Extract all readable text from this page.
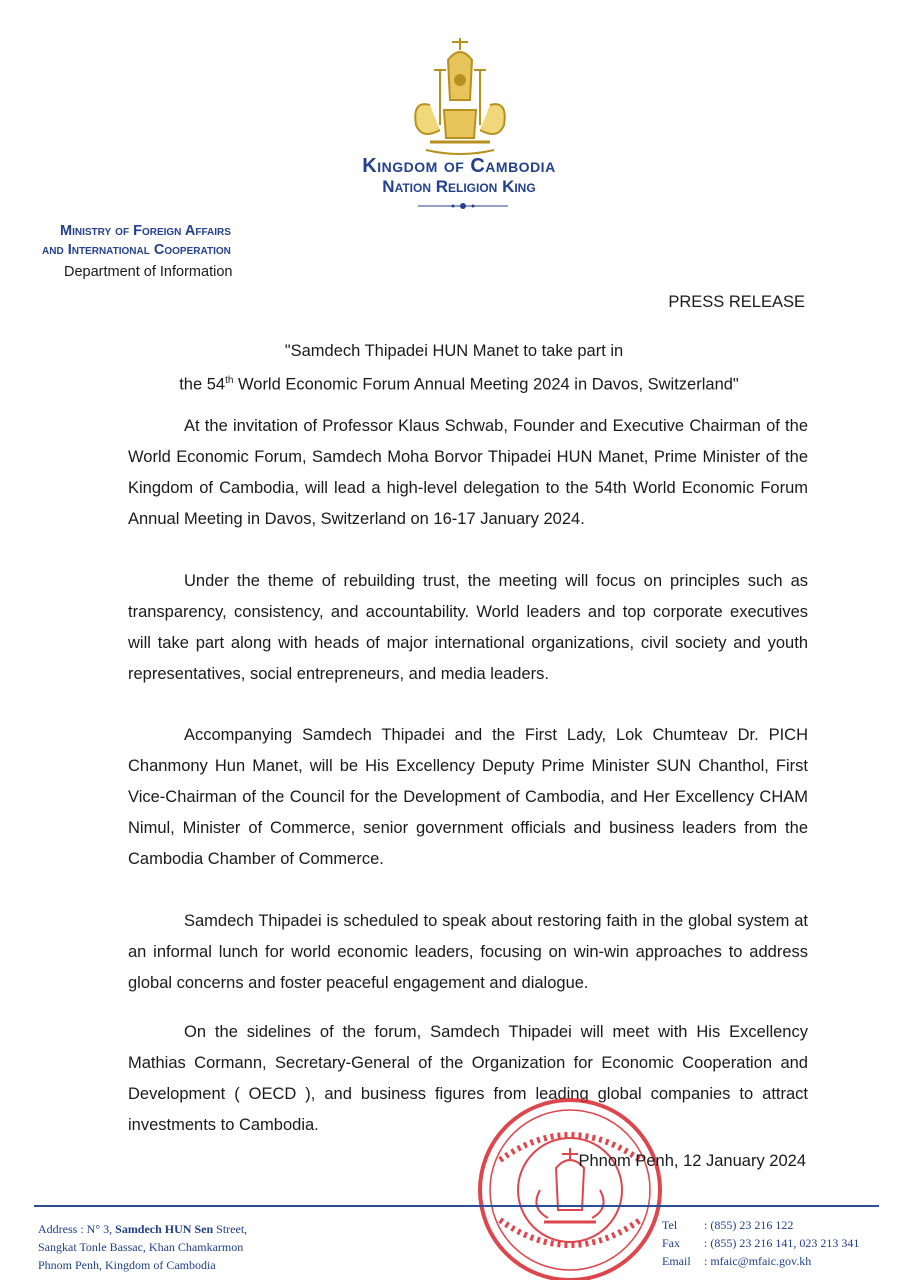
Kingdom of Cambodia
Nation Religion King
Ministry of Foreign Affairs
and International Cooperation
Department of Information
PRESS RELEASE
"Samdech Thipadei HUN Manet to take part in
the 54th World Economic Forum Annual Meeting 2024 in Davos, Switzerland"

At the invitation of Professor Klaus Schwab, Founder and Executive Chairman of the World Economic Forum, Samdech Moha Borvor Thipadei HUN Manet, Prime Minister of the Kingdom of Cambodia, will lead a high-level delegation to the 54th World Economic Forum Annual Meeting in Davos, Switzerland on 16-17 January 2024.

Under the theme of rebuilding trust, the meeting will focus on principles such as transparency, consistency, and accountability. World leaders and top corporate executives will take part along with heads of major international organizations, civil society and youth representatives, social entrepreneurs, and media leaders.

Accompanying Samdech Thipadei and the First Lady, Lok Chumteav Dr. PICH Chanmony Hun Manet, will be His Excellency Deputy Prime Minister SUN Chanthol, First Vice-Chairman of the Council for the Development of Cambodia, and Her Excellency CHAM Nimul, Minister of Commerce, senior government officials and business leaders from the Cambodia Chamber of Commerce.

Samdech Thipadei is scheduled to speak about restoring faith in the global system at an informal lunch for world economic leaders, focusing on win-win approaches to address global concerns and foster peaceful engagement and dialogue.

On the sidelines of the forum, Samdech Thipadei will meet with His Excellency Mathias Cormann, Secretary-General of the Organization for Economic Cooperation and Development ( OECD ), and business figures from leading global companies to attract investments to Cambodia.

Phnom Penh, 12 January 2024
Address : N° 3, Samdech HUN Sen Street,
Sangkat Tonle Bassac, Khan Chamkarmon
Phnom Penh, Kingdom of Cambodia
Tel : (855) 23 216 122
Fax : (855) 23 216 141, 023 213 341
Email : mfaic@mfaic.gov.kh
